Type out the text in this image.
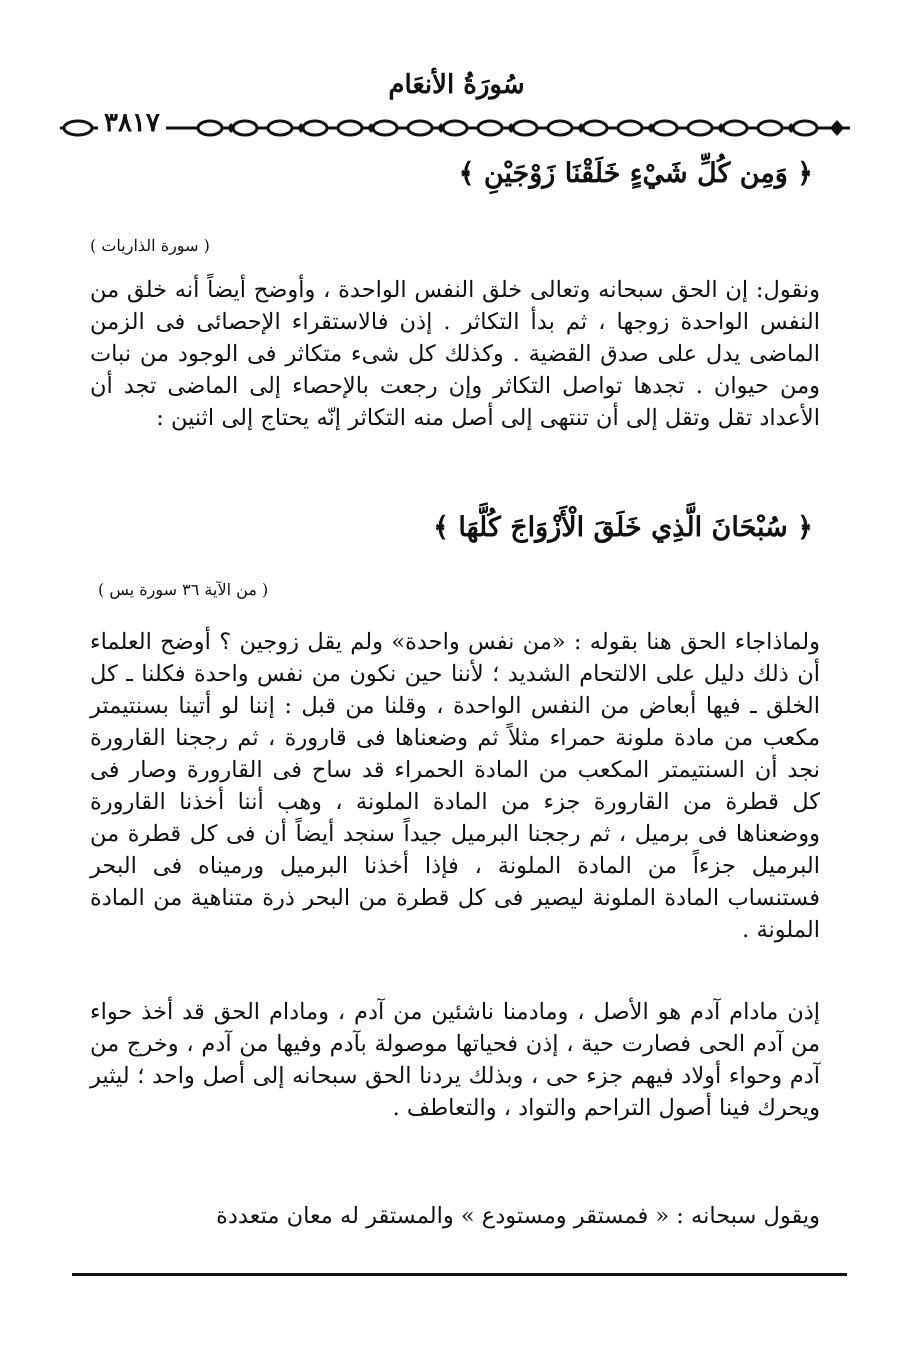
سُورَةُ الأنعَام
٣٨١٧
﴿ وَمِن كُلِّ شَيْءٍ خَلَقْنَا زَوْجَيْنِ ﴾
( سورة الذاريات )
ونقول: إن الحق سبحانه وتعالى خلق النفس الواحدة ، وأوضح أيضاً أنه خلق من النفس الواحدة زوجها ، ثم بدأ التكاثر . إذن فالاستقراء الإحصائى فى الزمن الماضى يدل على صدق القضية . وكذلك كل شىء متكاثر فى الوجود من نبات ومن حيوان . تجدها تواصل التكاثر وإن رجعت بالإحصاء إلى الماضى تجد أن الأعداد تقل وتقل إلى أن تنتهى إلى أصل منه التكاثر إنّه يحتاج إلى اثنين :
﴿ سُبْحَانَ الَّذِي خَلَقَ الْأَزْوَاجَ كُلَّهَا ﴾
( من الآية ٣٦ سورة يس )
ولماذاجاء الحق هنا بقوله : «من نفس واحدة» ولم يقل زوجين ؟ أوضح العلماء أن ذلك دليل على الالتحام الشديد ؛ لأننا حين نكون من نفس واحدة فكلنا ـ كل الخلق ـ فيها أبعاض من النفس الواحدة ، وقلنا من قبل : إننا لو أتينا بسنتيمتر مكعب من مادة ملونة حمراء مثلاً ثم وضعناها فى قارورة ، ثم رججنا القارورة نجد أن السنتيمتر المكعب من المادة الحمراء قد ساح فى القارورة وصار فى كل قطرة من القارورة جزء من المادة الملونة ، وهب أننا أخذنا القارورة ووضعناها فى برميل ، ثم رججنا البرميل جيداً سنجد أيضاً أن فى كل قطرة من البرميل جزءاً من المادة الملونة ، فإذا أخذنا البرميل ورميناه فى البحر فستنساب المادة الملونة ليصير فى كل قطرة من البحر ذرة متناهية من المادة الملونة .
إذن مادام آدم هو الأصل ، ومادمنا ناشئين من آدم ، ومادام الحق قد أخذ حواء من آدم الحى فصارت حية ، إذن فحياتها موصولة بآدم وفيها من آدم ، وخرج من آدم وحواء أولاد فيهم جزء حى ، وبذلك يردنا الحق سبحانه إلى أصل واحد ؛ ليثير ويحرك فينا أصول التراحم والتواد ، والتعاطف .
ويقول سبحانه : « فمستقر ومستودع » والمستقر له معان متعددة
